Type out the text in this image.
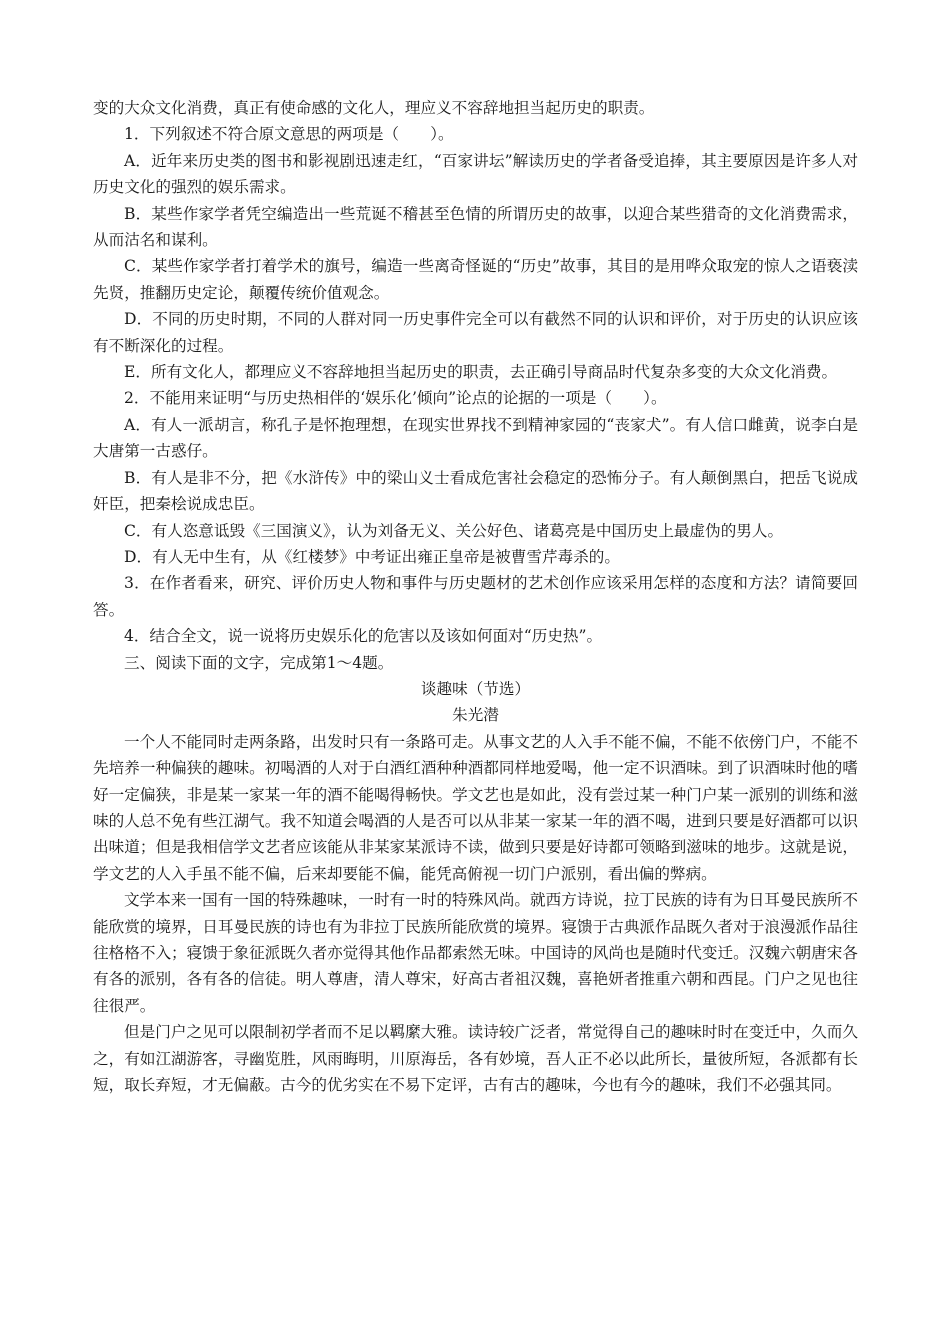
变的大众文化消费，真正有使命感的文化人，理应义不容辞地担当起历史的职责。

1．下列叙述不符合原文意思的两项是（　　）。

A．近年来历史类的图书和影视剧迅速走红，“百家讲坛”解读历史的学者备受追捧，其主要原因是许多人对历史文化的强烈的娱乐需求。

B．某些作家学者凭空编造出一些荒诞不稽甚至色情的所谓历史的故事，以迎合某些猎奇的文化消费需求，从而沽名和谋利。

C．某些作家学者打着学术的旗号，编造一些离奇怪诞的“历史”故事，其目的是用哗众取宠的惊人之语亵渎先贤，推翻历史定论，颠覆传统价值观念。

D．不同的历史时期，不同的人群对同一历史事件完全可以有截然不同的认识和评价，对于历史的认识应该有不断深化的过程。

E．所有文化人，都理应义不容辞地担当起历史的职责，去正确引导商品时代复杂多变的大众文化消费。

2．不能用来证明“与历史热相伴的‘娱乐化’倾向”论点的论据的一项是（　　）。

A．有人一派胡言，称孔子是怀抱理想，在现实世界找不到精神家园的“丧家犬”。有人信口雌黄，说李白是大唐第一古惑仔。

B．有人是非不分，把《水浒传》中的梁山义士看成危害社会稳定的恐怖分子。有人颠倒黑白，把岳飞说成奸臣，把秦桧说成忠臣。

C．有人恣意诋毁《三国演义》，认为刘备无义、关公好色、诸葛亮是中国历史上最虚伪的男人。

D．有人无中生有，从《红楼梦》中考证出雍正皇帝是被曹雪芹毒杀的。

3．在作者看来，研究、评价历史人物和事件与历史题材的艺术创作应该采用怎样的态度和方法？请简要回答。

4．结合全文，说一说将历史娱乐化的危害以及该如何面对“历史热”。

三、阅读下面的文字，完成第1～4题。

谈趣味（节选）

朱光潜

一个人不能同时走两条路，出发时只有一条路可走。从事文艺的人入手不能不偏，不能不依傍门户，不能不先培养一种偏狭的趣味。初喝酒的人对于白酒红酒种种酒都同样地爱喝，他一定不识酒味。到了识酒味时他的嗜好一定偏狭，非是某一家某一年的酒不能喝得畅快。学文艺也是如此，没有尝过某一种门户某一派别的训练和滋味的人总不免有些江湖气。我不知道会喝酒的人是否可以从非某一家某一年的酒不喝，进到只要是好酒都可以识出味道；但是我相信学文艺者应该能从非某家某派诗不读，做到只要是好诗都可领略到滋味的地步。这就是说，学文艺的人入手虽不能不偏，后来却要能不偏，能凭高俯视一切门户派别，看出偏的弊病。

文学本来一国有一国的特殊趣味，一时有一时的特殊风尚。就西方诗说，拉丁民族的诗有为日耳曼民族所不能欣赏的境界，日耳曼民族的诗也有为非拉丁民族所能欣赏的境界。寝馈于古典派作品既久者对于浪漫派作品往往格格不入；寝馈于象征派既久者亦觉得其他作品都索然无味。中国诗的风尚也是随时代变迁。汉魏六朝唐宋各有各的派别，各有各的信徒。明人尊唐，清人尊宋，好高古者祖汉魏，喜艳妍者推重六朝和西昆。门户之见也往往很严。

但是门户之见可以限制初学者而不足以羁縻大雅。读诗较广泛者，常觉得自己的趣味时时在变迁中，久而久之，有如江湖游客，寻幽览胜，风雨晦明，川原海岳，各有妙境，吾人正不必以此所长，量彼所短，各派都有长短，取长弃短，才无偏蔽。古今的优劣实在不易下定评，古有古的趣味，今也有今的趣味，我们不必强其同。
